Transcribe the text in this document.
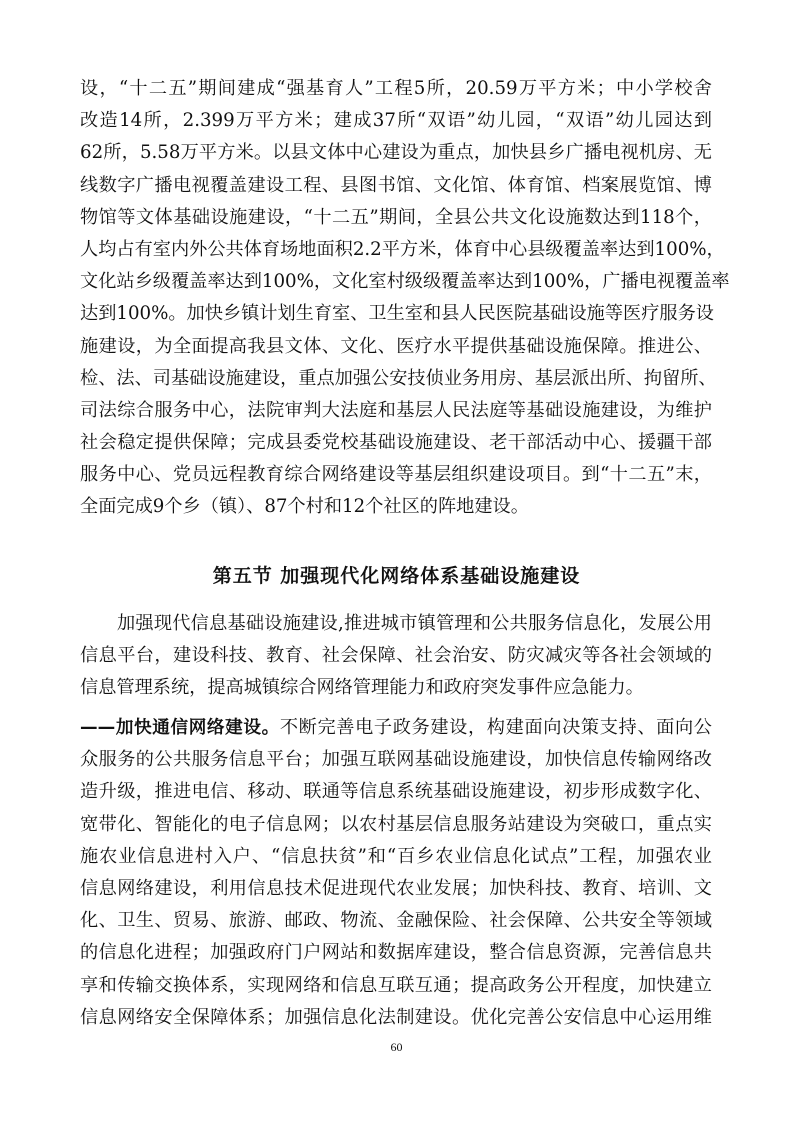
设，“十二五”期间建成“强基育人”工程5所，20.59万平方米；中小学校舍
改造14所，2.399万平方米；建成37所“双语”幼儿园，“双语”幼儿园达到
62所，5.58万平方米。以县文体中心建设为重点，加快县乡广播电视机房、无
线数字广播电视覆盖建设工程、县图书馆、文化馆、体育馆、档案展览馆、博
物馆等文体基础设施建设，“十二五”期间，全县公共文化设施数达到118个，
人均占有室内外公共体育场地面积2.2平方米，体育中心县级覆盖率达到100%，
文化站乡级覆盖率达到100%，文化室村级级覆盖率达到100%，广播电视覆盖率
达到100%。加快乡镇计划生育室、卫生室和县人民医院基础设施等医疗服务设
施建设，为全面提高我县文体、文化、医疗水平提供基础设施保障。推进公、
检、法、司基础设施建设，重点加强公安技侦业务用房、基层派出所、拘留所、
司法综合服务中心，法院审判大法庭和基层人民法庭等基础设施建设，为维护
社会稳定提供保障；完成县委党校基础设施建设、老干部活动中心、援疆干部
服务中心、党员远程教育综合网络建设等基层组织建设项目。到“十二五”末，
全面完成9个乡（镇）、87个村和12个社区的阵地建设。
第五节 加强现代化网络体系基础设施建设
加强现代信息基础设施建设,推进城市镇管理和公共服务信息化，发展公用
信息平台，建设科技、教育、社会保障、社会治安、防灾减灾等各社会领域的
信息管理系统，提高城镇综合网络管理能力和政府突发事件应急能力。
——加快通信网络建设。不断完善电子政务建设，构建面向决策支持、面向公
众服务的公共服务信息平台；加强互联网基础设施建设，加快信息传输网络改
造升级，推进电信、移动、联通等信息系统基础设施建设，初步形成数字化、
宽带化、智能化的电子信息网；以农村基层信息服务站建设为突破口，重点实
施农业信息进村入户、“信息扶贫”和“百乡农业信息化试点”工程，加强农业
信息网络建设，利用信息技术促进现代农业发展；加快科技、教育、培训、文
化、卫生、贸易、旅游、邮政、物流、金融保险、社会保障、公共安全等领域
的信息化进程；加强政府门户网站和数据库建设，整合信息资源，完善信息共
享和传输交换体系，实现网络和信息互联互通；提高政务公开程度，加快建立
信息网络安全保障体系；加强信息化法制建设。优化完善公安信息中心运用维
60
